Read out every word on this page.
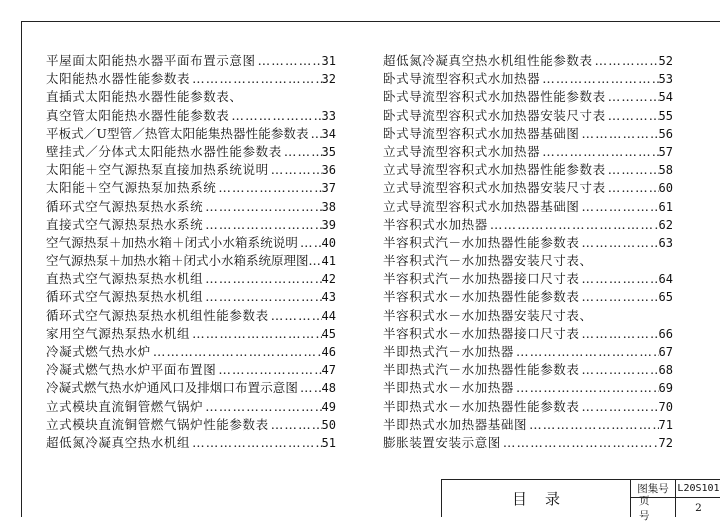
平屋面太阳能热水器平面布置示意图 ………………………………………………………………	31
太阳能热水器性能参数表 ………………………………………………………………	32
直插式太阳能热水器性能参数表、
真空管太阳能热水器性能参数表 ………………………………………………………………	33
平板式／U型管／热管太阳能集热器性能参数表 ……………………………………………………………… 34
壁挂式／分体式太阳能热水器性能参数表 ………………………………………………………………	35
太阳能＋空气源热泵直接加热系统说明 ………………………………………………………………	36
太阳能＋空气源热泵加热系统 ………………………………………………………………	37
循环式空气源热泵热水系统 ………………………………………………………………	38
直接式空气源热泵热水系统 ………………………………………………………………	39
空气源热泵＋加热水箱＋闭式小水箱系统说明 ……………………………………………………………… 40
空气源热泵＋加热水箱＋闭式小水箱系统原理图. ……………………………………………………………… 41
直热式空气源热泵热水机组 ………………………………………………………………	42
循环式空气源热泵热水机组 ………………………………………………………………	43
循环式空气源热泵热水机组性能参数表 ………………………………………………………………	44
家用空气源热泵热水机组 ………………………………………………………………	45
冷凝式燃气热水炉 ………………………………………………………………	46
冷凝式燃气热水炉平面布置图 ………………………………………………………………	47
冷凝式燃气热水炉通风口及排烟口布置示意图 ……………………………………………………………… 48
立式模块直流铜管燃气锅炉 ………………………………………………………………	49
立式模块直流铜管燃气锅炉性能参数表 ………………………………………………………………	50
超低氮冷凝真空热水机组 ………………………………………………………………	51
超低氮冷凝真空热水机组性能参数表 ………………………………………………………………	52
卧式导流型容积式水加热器 ………………………………………………………………	53
卧式导流型容积式水加热器性能参数表 ………………………………………………………………	54
卧式导流型容积式水加热器安装尺寸表 ………………………………………………………………	55
卧式导流型容积式水加热器基础图 ………………………………………………………………	56
立式导流型容积式水加热器 ………………………………………………………………	57
立式导流型容积式水加热器性能参数表 ………………………………………………………………	58
立式导流型容积式水加热器安装尺寸表 ………………………………………………………………	60
立式导流型容积式水加热器基础图 ………………………………………………………………	61
半容积式水加热器 ………………………………………………………………	62
半容积式汽－水加热器性能参数表 ………………………………………………………………	63
半容积式汽－水加热器安装尺寸表、
半容积式汽－水加热器接口尺寸表 ………………………………………………………………	64
半容积式水－水加热器性能参数表 ………………………………………………………………	65
半容积式水－水加热器安装尺寸表、
半容积式水－水加热器接口尺寸表 ………………………………………………………………	66
半即热式汽－水加热器 ………………………………………………………………	67
半即热式汽－水加热器性能参数表 ………………………………………………………………	68
半即热式水－水加热器 ………………………………………………………………	69
半即热式水－水加热器性能参数表 ………………………………………………………………	70
半即热式水加热器基础图 ………………………………………………………………	71
膨胀装置安装示意图 ………………………………………………………………	72
目录
图集号 L20S101
页号
2
